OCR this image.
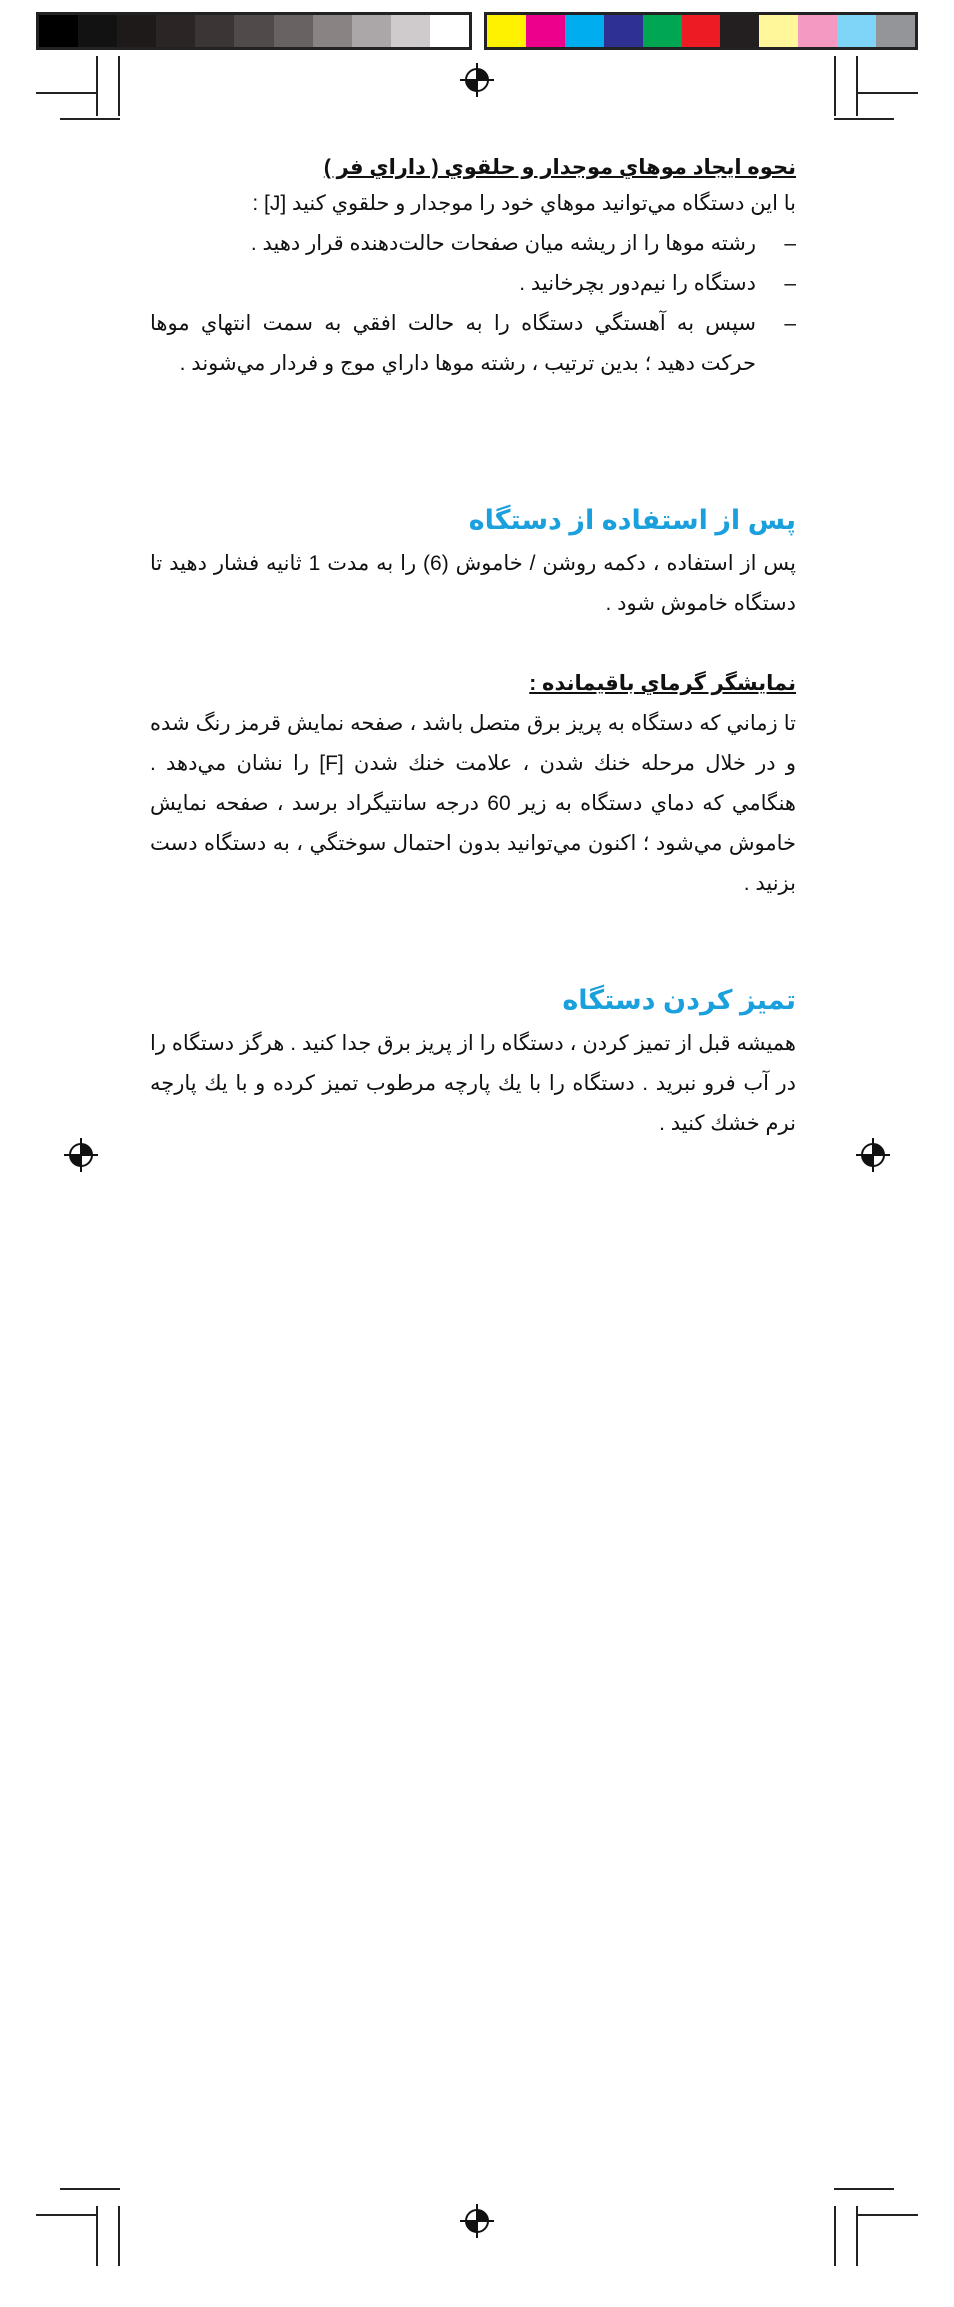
نحوه ايجاد موهاي موجدار و حلقوي ( داراي فر )

با اين دستگاه مي‌توانيد موهاي خود را موجدار و حلقوي كنيد [J] :

–
رشته موها را از ريشه ميان صفحات حالت‌دهنده قرار دهيد .
–
دستگاه را نيم‌دور بچرخانيد .
–
سپس به آهستگي دستگاه را به حالت افقي به سمت انتهاي موها حركت دهيد ؛ بدين ترتيب ، رشته موها داراي موج و فردار مي‌شوند .
پس از استفاده از دستگاه

پس از استفاده ، دكمه روشن / خاموش (6) را به مدت 1 ثانيه فشار دهيد تا دستگاه خاموش شود .

نمايشگر گرماي باقيمانده :

تا زماني كه دستگاه به پريز برق متصل باشد ، صفحه نمايش قرمز رنگ شده و در خلال مرحله خنك شدن ، علامت خنك شدن [F] را نشان مي‌دهد . هنگامي كه دماي دستگاه به زير 60 درجه سانتيگراد برسد ، صفحه نمايش خاموش مي‌شود ؛ اكنون مي‌توانيد بدون احتمال سوختگي ، به دستگاه دست بزنيد .

تميز كردن دستگاه

هميشه قبل از تميز كردن ، دستگاه را از پريز برق جدا كنيد . هرگز دستگاه را در آب فرو نبريد . دستگاه را با يك پارچه مرطوب تميز كرده و با يك پارچه نرم خشك كنيد .
